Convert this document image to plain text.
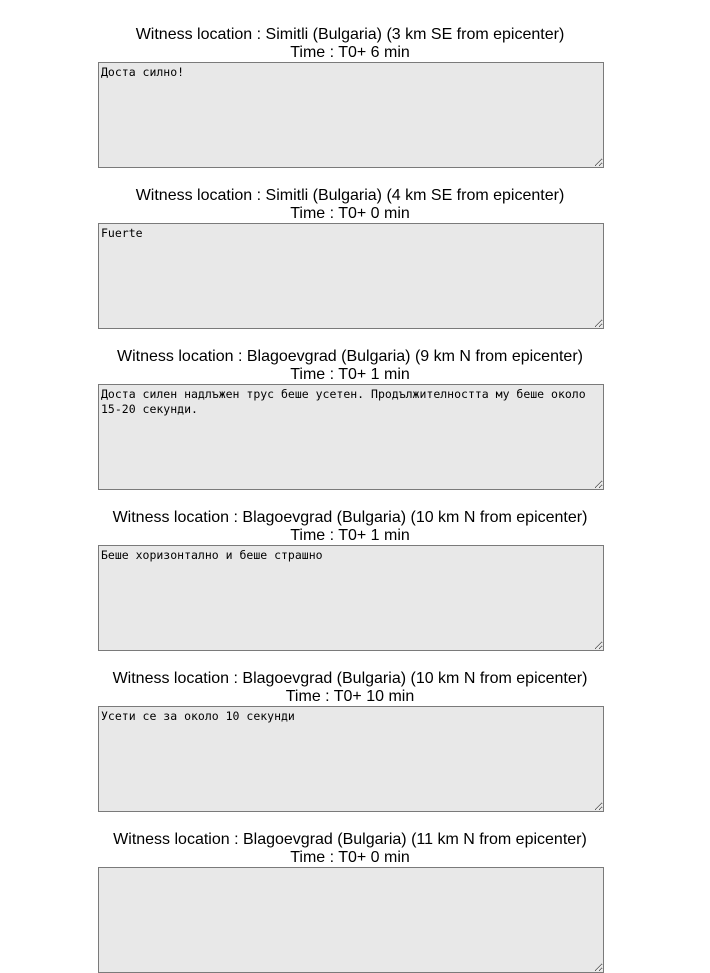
Witness location : Simitli (Bulgaria) (3 km SE from epicenter)
Time : T0+ 6 min
Доста силно!
Witness location : Simitli (Bulgaria) (4 km SE from epicenter)
Time : T0+ 0 min
Fuerte
Witness location : Blagoevgrad (Bulgaria) (9 km N from epicenter)
Time : T0+ 1 min
Доста силен надлъжен трус беше усетен. Продължителността му беше около 15-20 секунди.
Witness location : Blagoevgrad (Bulgaria) (10 km N from epicenter)
Time : T0+ 1 min
Беше хоризонтално и беше страшно
Witness location : Blagoevgrad (Bulgaria) (10 km N from epicenter)
Time : T0+ 10 min
Усети се за около 10 секунди
Witness location : Blagoevgrad (Bulgaria) (11 km N from epicenter)
Time : T0+ 0 min
